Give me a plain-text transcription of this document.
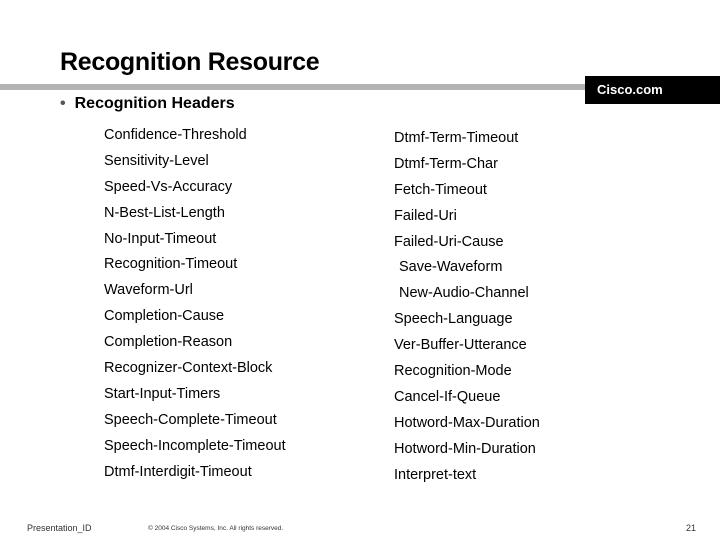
Recognition Resource
Cisco.com
• Recognition Headers
Confidence-Threshold
Sensitivity-Level
Speed-Vs-Accuracy
N-Best-List-Length
No-Input-Timeout
Recognition-Timeout
Waveform-Url
Completion-Cause
Completion-Reason
Recognizer-Context-Block
Start-Input-Timers
Speech-Complete-Timeout
Speech-Incomplete-Timeout
Dtmf-Interdigit-Timeout
Dtmf-Term-Timeout
Dtmf-Term-Char
Fetch-Timeout
Failed-Uri
Failed-Uri-Cause
Save-Waveform
New-Audio-Channel
Speech-Language
Ver-Buffer-Utterance
Recognition-Mode
Cancel-If-Queue
Hotword-Max-Duration
Hotword-Min-Duration
Interpret-text
Presentation_ID	© 2004 Cisco Systems, Inc. All rights reserved.	21
